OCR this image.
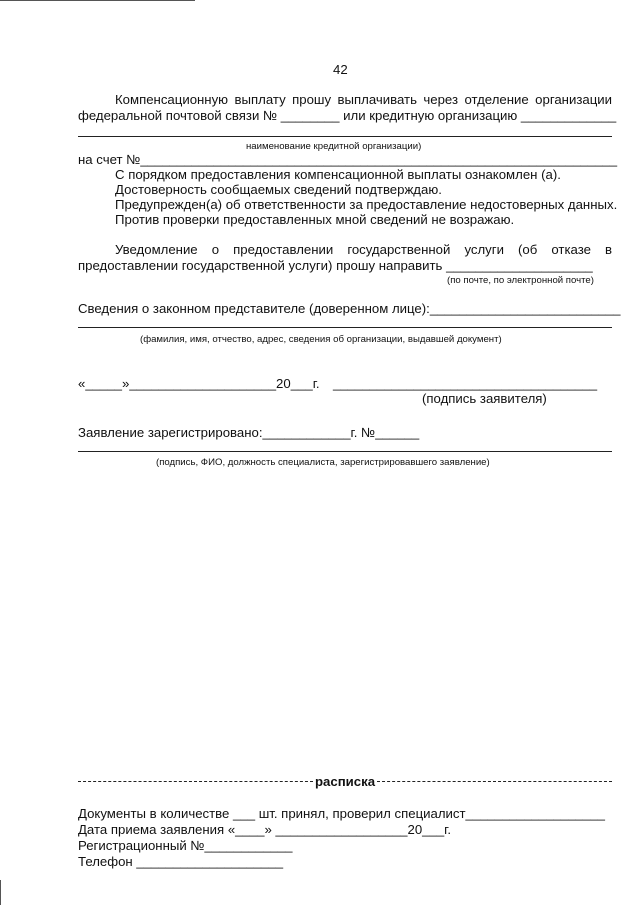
42
Компенсационную выплату прошу выплачивать через отделение организации
федеральной почтовой связи № ________ или кредитную организацию _____________
наименование кредитной организации)
на счет №_________________________________________________________________
С порядком предоставления компенсационной выплаты ознакомлен (а).
Достоверность сообщаемых сведений подтверждаю.
Предупрежден(а) об ответственности за предоставление недостоверных данных.
Против проверки предоставленных мной сведений не возражаю.
Уведомление о предоставлении государственной услуги (об отказе в
предоставлении государственной услуги) прошу направить ____________________
(по почте, по электронной почте)
Сведения о законном представителе (доверенном лице):__________________________
(фамилия, имя, отчество, адрес, сведения об организации, выдавшей документ)
«_____»____________________20___г. ____________________________________
(подпись заявителя)
Заявление зарегистрировано:____________г. №______
(подпись, ФИО, должность специалиста, зарегистрировавшего заявление)
расписка
Документы в количестве ___ шт. принял, проверил специалист___________________
Дата приема заявления «____» __________________20___г.
Регистрационный №____________
Телефон ____________________
